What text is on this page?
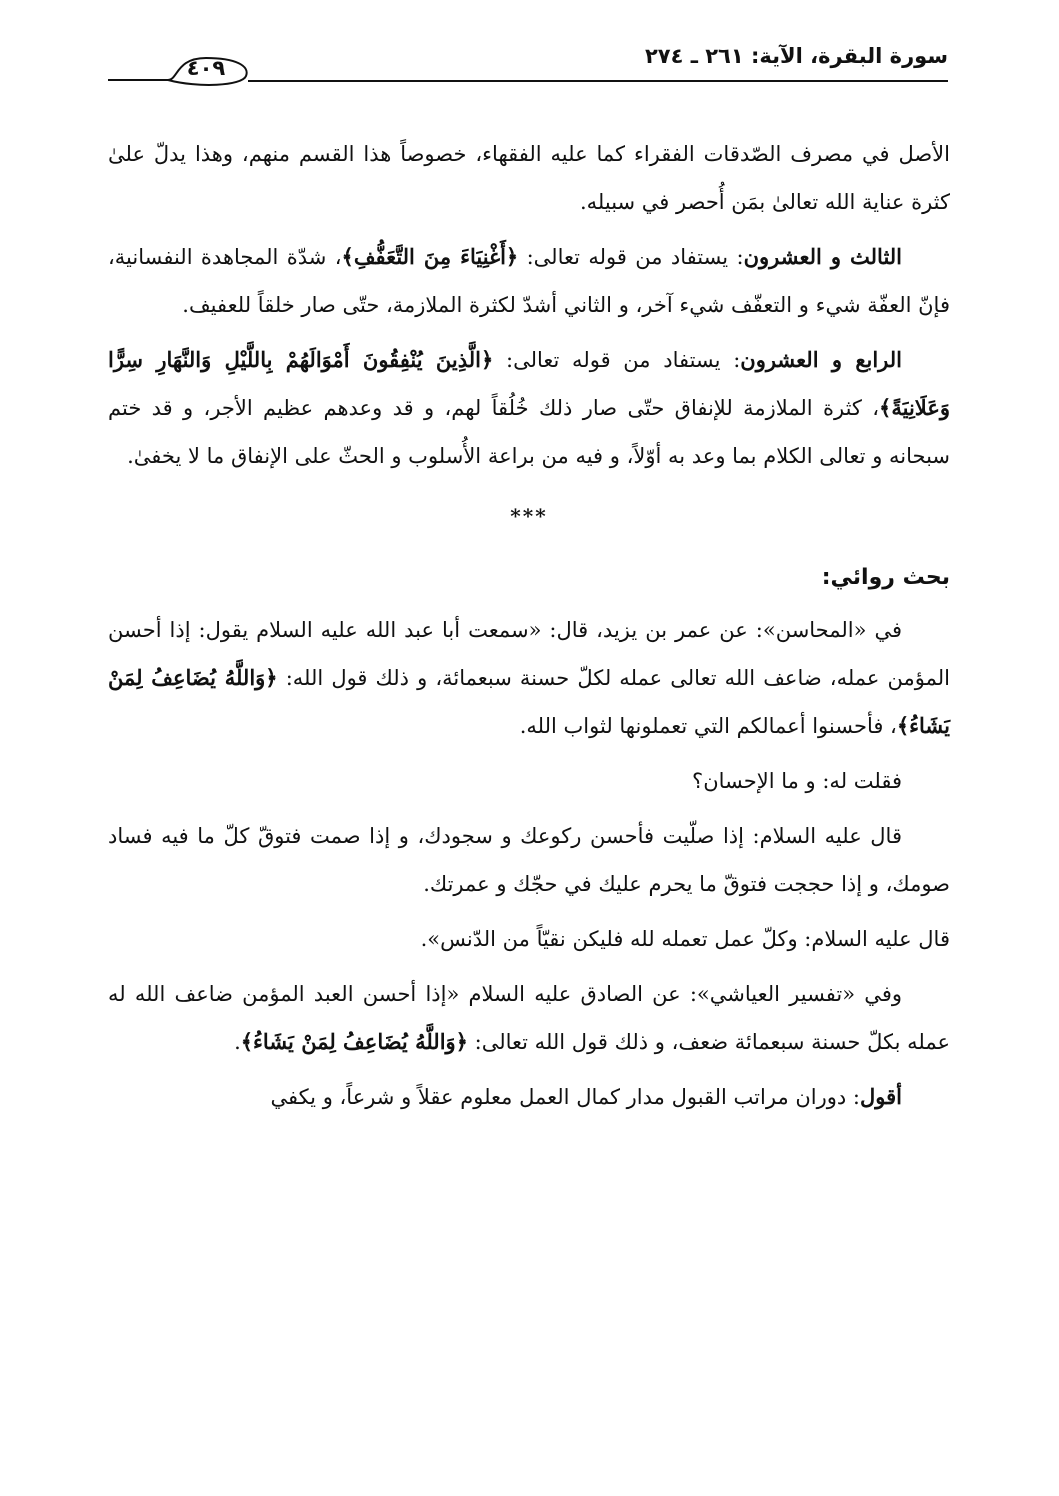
سورة البقرة، الآية: ٢٦١ ـ ٢٧٤
٤٠٩

الأصل في مصرف الصّدقات الفقراء كما عليه الفقهاء، خصوصاً هذا القسم منهم، وهذا يدلّ علىٰ كثرة عناية الله تعالىٰ بمَن أُحصر في سبيله.

الثالث و العشرون: يستفاد من قوله تعالى: ﴿أَغْنِيَاءَ مِنَ التَّعَفُّفِ﴾، شدّة المجاهدة النفسانية، فإنّ العفّة شيء و التعفّف شيء آخر، و الثاني أشدّ لكثرة الملازمة، حتّى صار خلقاً للعفيف.

الرابع و العشرون: يستفاد من قوله تعالى: ﴿الَّذِينَ يُنْفِقُونَ أَمْوَالَهُمْ بِاللَّيْلِ وَالنَّهَارِ سِرًّا وَعَلَانِيَةً﴾، كثرة الملازمة للإنفاق حتّى صار ذلك خُلُقاً لهم، و قد وعدهم عظيم الأجر، و قد ختم سبحانه و تعالى الكلام بما وعد به أوّلاً، و فيه من براعة الأُسلوب و الحثّ على الإنفاق ما لا يخفىٰ.

***
بحث روائي:

في «المحاسن»: عن عمر بن يزيد، قال: «سمعت أبا عبد الله عليه السلام يقول: إذا أحسن المؤمن عمله، ضاعف الله تعالى عمله لكلّ حسنة سبعمائة، و ذلك قول الله: ﴿وَاللَّهُ يُضَاعِفُ لِمَنْ يَشَاءُ﴾، فأحسنوا أعمالكم التي تعملونها لثواب الله.

فقلت له: و ما الإحسان؟

قال عليه السلام: إذا صلّيت فأحسن ركوعك و سجودك، و إذا صمت فتوقّ كلّ ما فيه فساد صومك، و إذا حججت فتوقّ ما يحرم عليك في حجّك و عمرتك.

قال عليه السلام: وكلّ عمل تعمله لله فليكن نقيّاً من الدّنس».

وفي «تفسير العياشي»: عن الصادق عليه السلام «إذا أحسن العبد المؤمن ضاعف الله له عمله بكلّ حسنة سبعمائة ضعف، و ذلك قول الله تعالى: ﴿وَاللَّهُ يُضَاعِفُ لِمَنْ يَشَاءُ﴾.

أقول: دوران مراتب القبول مدار كمال العمل معلوم عقلاً و شرعاً، و يكفي
